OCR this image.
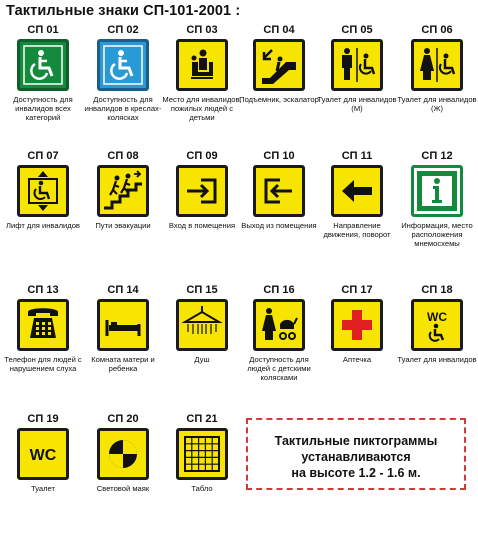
Тактильные знаки СП-101-2001 :
СП 01
Доступность для инвалидов всех категорий
СП 02
Доступность для инвалидов в креслах-колясках
СП 03
Место для инвалидов, пожилых людей с детьми
СП 04
Подъемник, эскалатор
СП 05
Туалет для инвалидов (М)
СП 06
Туалет для инвалидов (Ж)
СП 07
Лифт для инвалидов
СП 08
Пути эвакуации
СП 09
Вход в помещения
СП 10
Выход из помещения
СП 11
Направление движения, поворот
СП 12
Информация, место расположения мнемосхемы
СП 13
Телефон для людей с нарушением слуха
СП 14
Комната матери и ребенка
СП 15
Душ
СП 16
Доступность для людей с детскими колясками
СП 17
Аптечка
СП 18
WC
Туалет для инвалидов
СП 19
WC
Туалет
СП 20
Световой маяк
СП 21
Табло
Тактильные пиктограммы
устанавливаются
на высоте 1.2 - 1.6 м.
